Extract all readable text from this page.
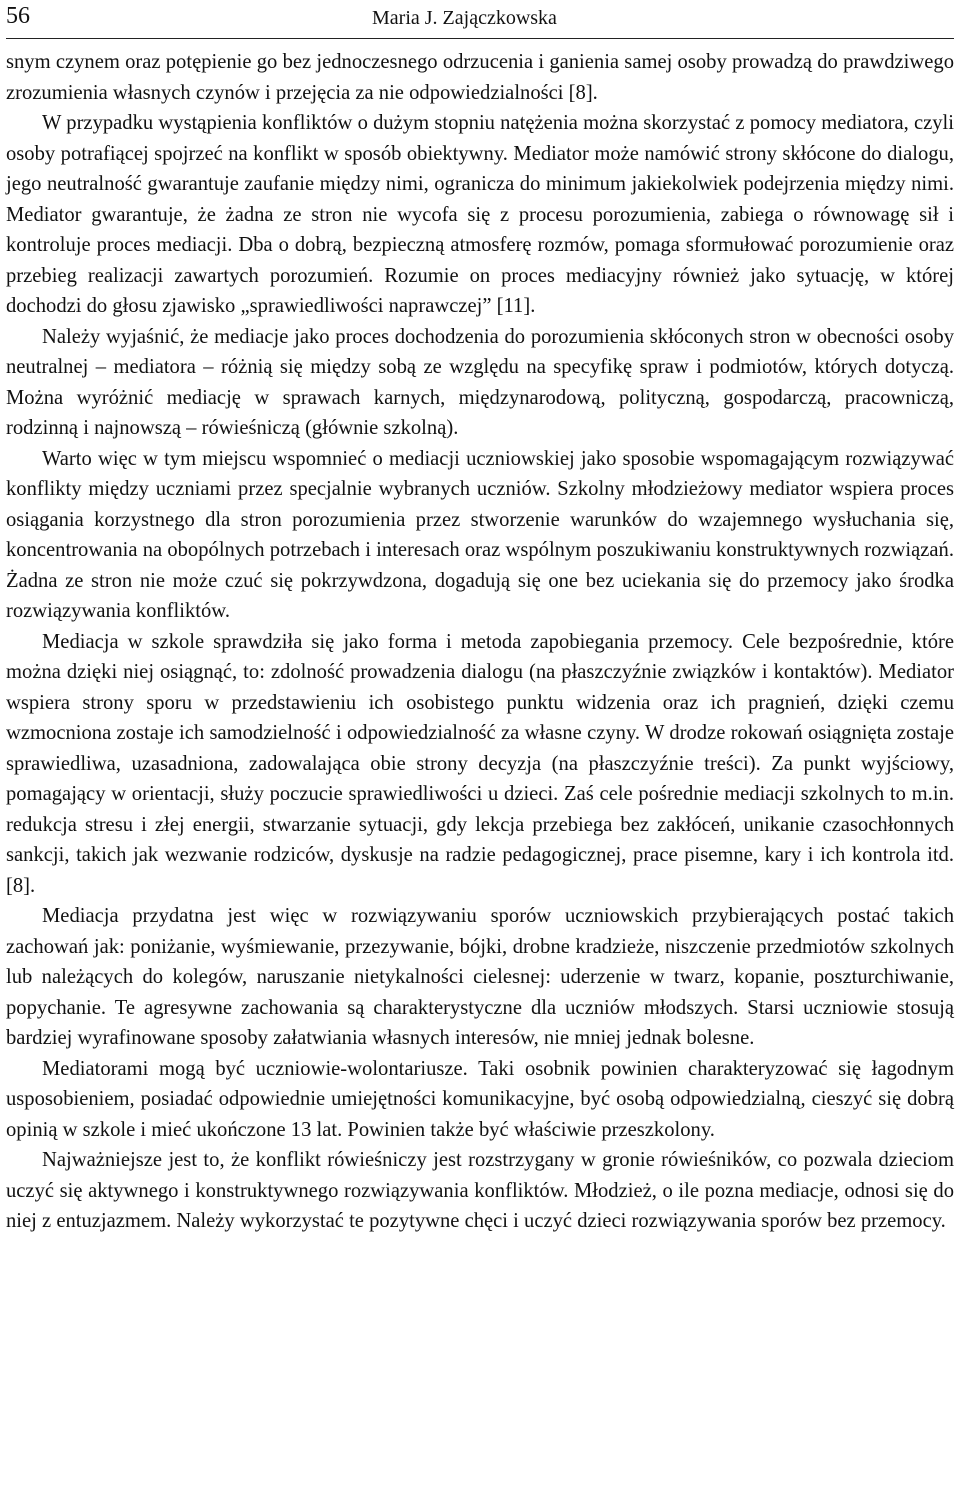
56	Maria J. Zajączkowska

snym czynem oraz potępienie go bez jednoczesnego odrzucenia i ganienia samej osoby prowadzą do prawdziwego zrozumienia własnych czynów i przejęcia za nie odpowiedzialności [8].

W przypadku wystąpienia konfliktów o dużym stopniu natężenia można skorzystać z pomocy mediatora, czyli osoby potrafiącej spojrzeć na konflikt w sposób obiektywny. Mediator może namówić strony skłócone do dialogu, jego neutralność gwarantuje zaufanie między nimi, ogranicza do minimum jakiekolwiek podejrzenia między nimi. Mediator gwarantuje, że żadna ze stron nie wycofa się z procesu porozumienia, zabiega o równowagę sił i kontroluje proces mediacji. Dba o dobrą, bezpieczną atmosferę rozmów, pomaga sformułować porozumienie oraz przebieg realizacji zawartych porozumień. Rozumie on proces mediacyjny również jako sytuację, w której dochodzi do głosu zjawisko „sprawiedliwości naprawczej” [11].

Należy wyjaśnić, że mediacje jako proces dochodzenia do porozumienia skłóconych stron w obecności osoby neutralnej – mediatora – różnią się między sobą ze względu na specyfikę spraw i podmiotów, których dotyczą. Można wyróżnić mediację w sprawach karnych, międzynarodową, polityczną, gospodarczą, pracowniczą, rodzinną i najnowszą – rówieśniczą (głównie szkolną).

Warto więc w tym miejscu wspomnieć o mediacji uczniowskiej jako sposobie wspomagającym rozwiązywać konflikty między uczniami przez specjalnie wybranych uczniów. Szkolny młodzieżowy mediator wspiera proces osiągania korzystnego dla stron porozumienia przez stworzenie warunków do wzajemnego wysłuchania się, koncentrowania na obopólnych potrzebach i interesach oraz wspólnym poszukiwaniu konstruktywnych rozwiązań. Żadna ze stron nie może czuć się pokrzywdzona, dogadują się one bez uciekania się do przemocy jako środka rozwiązywania konfliktów.

Mediacja w szkole sprawdziła się jako forma i metoda zapobiegania przemocy. Cele bezpośrednie, które można dzięki niej osiągnąć, to: zdolność prowadzenia dialogu (na płaszczyźnie związków i kontaktów). Mediator wspiera strony sporu w przedstawieniu ich osobistego punktu widzenia oraz ich pragnień, dzięki czemu wzmocniona zostaje ich samodzielność i odpowiedzialność za własne czyny. W drodze rokowań osiągnięta zostaje sprawiedliwa, uzasadniona, zadowalająca obie strony decyzja (na płaszczyźnie treści). Za punkt wyjściowy, pomagający w orientacji, służy poczucie sprawiedliwości u dzieci. Zaś cele pośrednie mediacji szkolnych to m.in. redukcja stresu i złej energii, stwarzanie sytuacji, gdy lekcja przebiega bez zakłóceń, unikanie czasochłonnych sankcji, takich jak wezwanie rodziców, dyskusje na radzie pedagogicznej, prace pisemne, kary i ich kontrola itd. [8].

Mediacja przydatna jest więc w rozwiązywaniu sporów uczniowskich przybierających postać takich zachowań jak: poniżanie, wyśmiewanie, przezywanie, bójki, drobne kradzieże, niszczenie przedmiotów szkolnych lub należących do kolegów, naruszanie nietykalności cielesnej: uderzenie w twarz, kopanie, poszturchiwanie, popychanie. Te agresywne zachowania są charakterystyczne dla uczniów młodszych. Starsi uczniowie stosują bardziej wyrafinowane sposoby załatwiania własnych interesów, nie mniej jednak bolesne.

Mediatorami mogą być uczniowie-wolontariusze. Taki osobnik powinien charakteryzować się łagodnym usposobieniem, posiadać odpowiednie umiejętności komunikacyjne, być osobą odpowiedzialną, cieszyć się dobrą opinią w szkole i mieć ukończone 13 lat. Powinien także być właściwie przeszkolony.

Najważniejsze jest to, że konflikt rówieśniczy jest rozstrzygany w gronie rówieśników, co pozwala dzieciom uczyć się aktywnego i konstruktywnego rozwiązywania konfliktów. Młodzież, o ile pozna mediacje, odnosi się do niej z entuzjazmem. Należy wykorzystać te pozytywne chęci i uczyć dzieci rozwiązywania sporów bez przemocy.
